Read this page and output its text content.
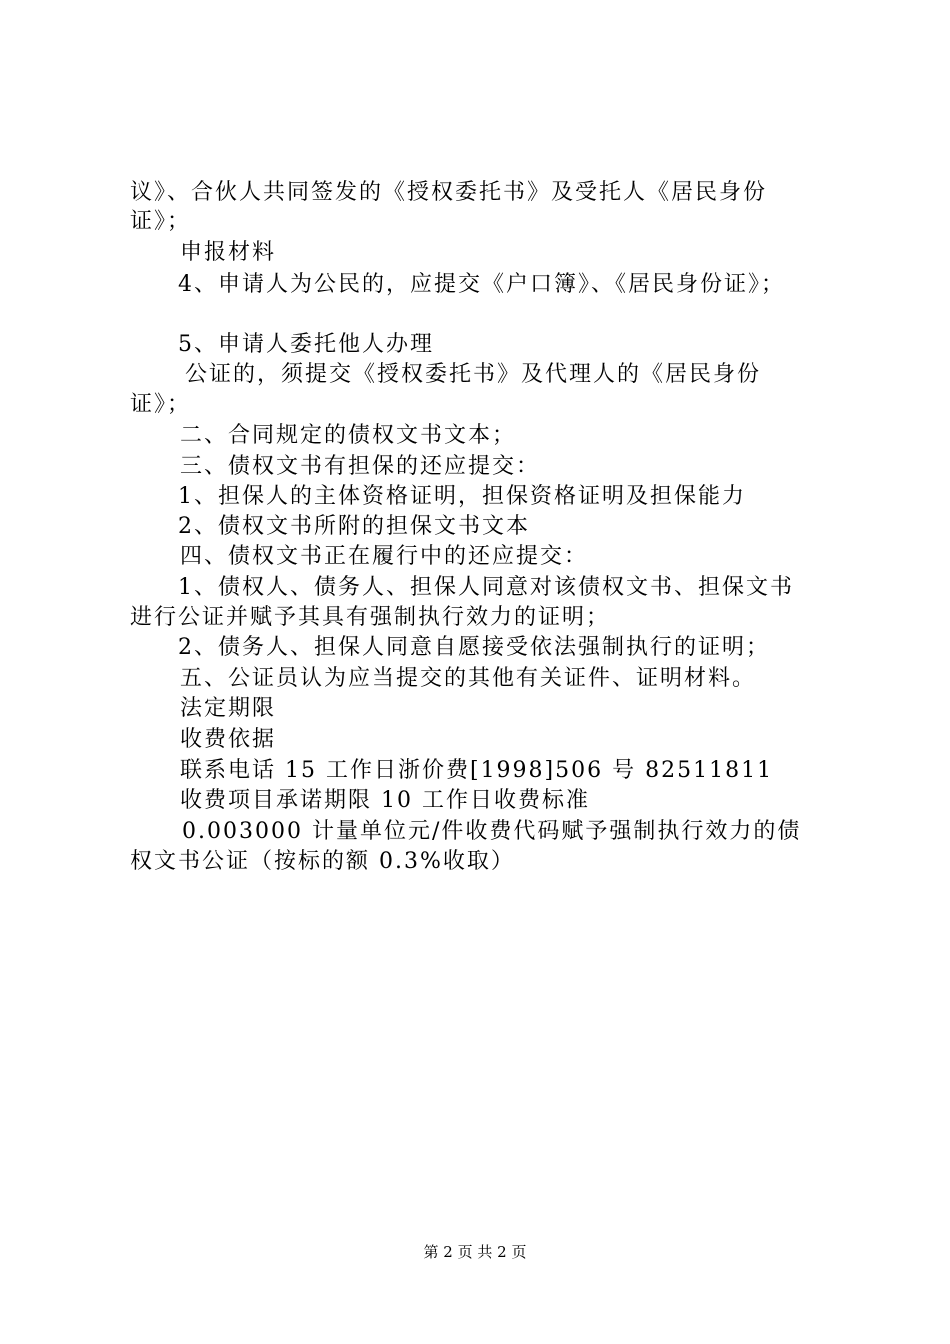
议》、合伙人共同签发的《授权委托书》及受托人《居民身份
证》；
申报材料
4、申请人为公民的，应提交《户口簿》、《居民身份证》；
5、申请人委托他人办理
公证的，须提交《授权委托书》及代理人的《居民身份
证》；
二、合同规定的债权文书文本；
三、债权文书有担保的还应提交：
1、担保人的主体资格证明，担保资格证明及担保能力
2、债权文书所附的担保文书文本
四、债权文书正在履行中的还应提交：
1、债权人、债务人、担保人同意对该债权文书、担保文书
进行公证并赋予其具有强制执行效力的证明；
2、债务人、担保人同意自愿接受依法强制执行的证明；
五、公证员认为应当提交的其他有关证件、证明材料。
法定期限
收费依据
联系电话 15 工作日浙价费[1998]506 号 82511811
收费项目承诺期限 10 工作日收费标准
0.003000 计量单位元/件收费代码赋予强制执行效力的债
权文书公证（按标的额 0.3%收取）
第 2 页 共 2 页
